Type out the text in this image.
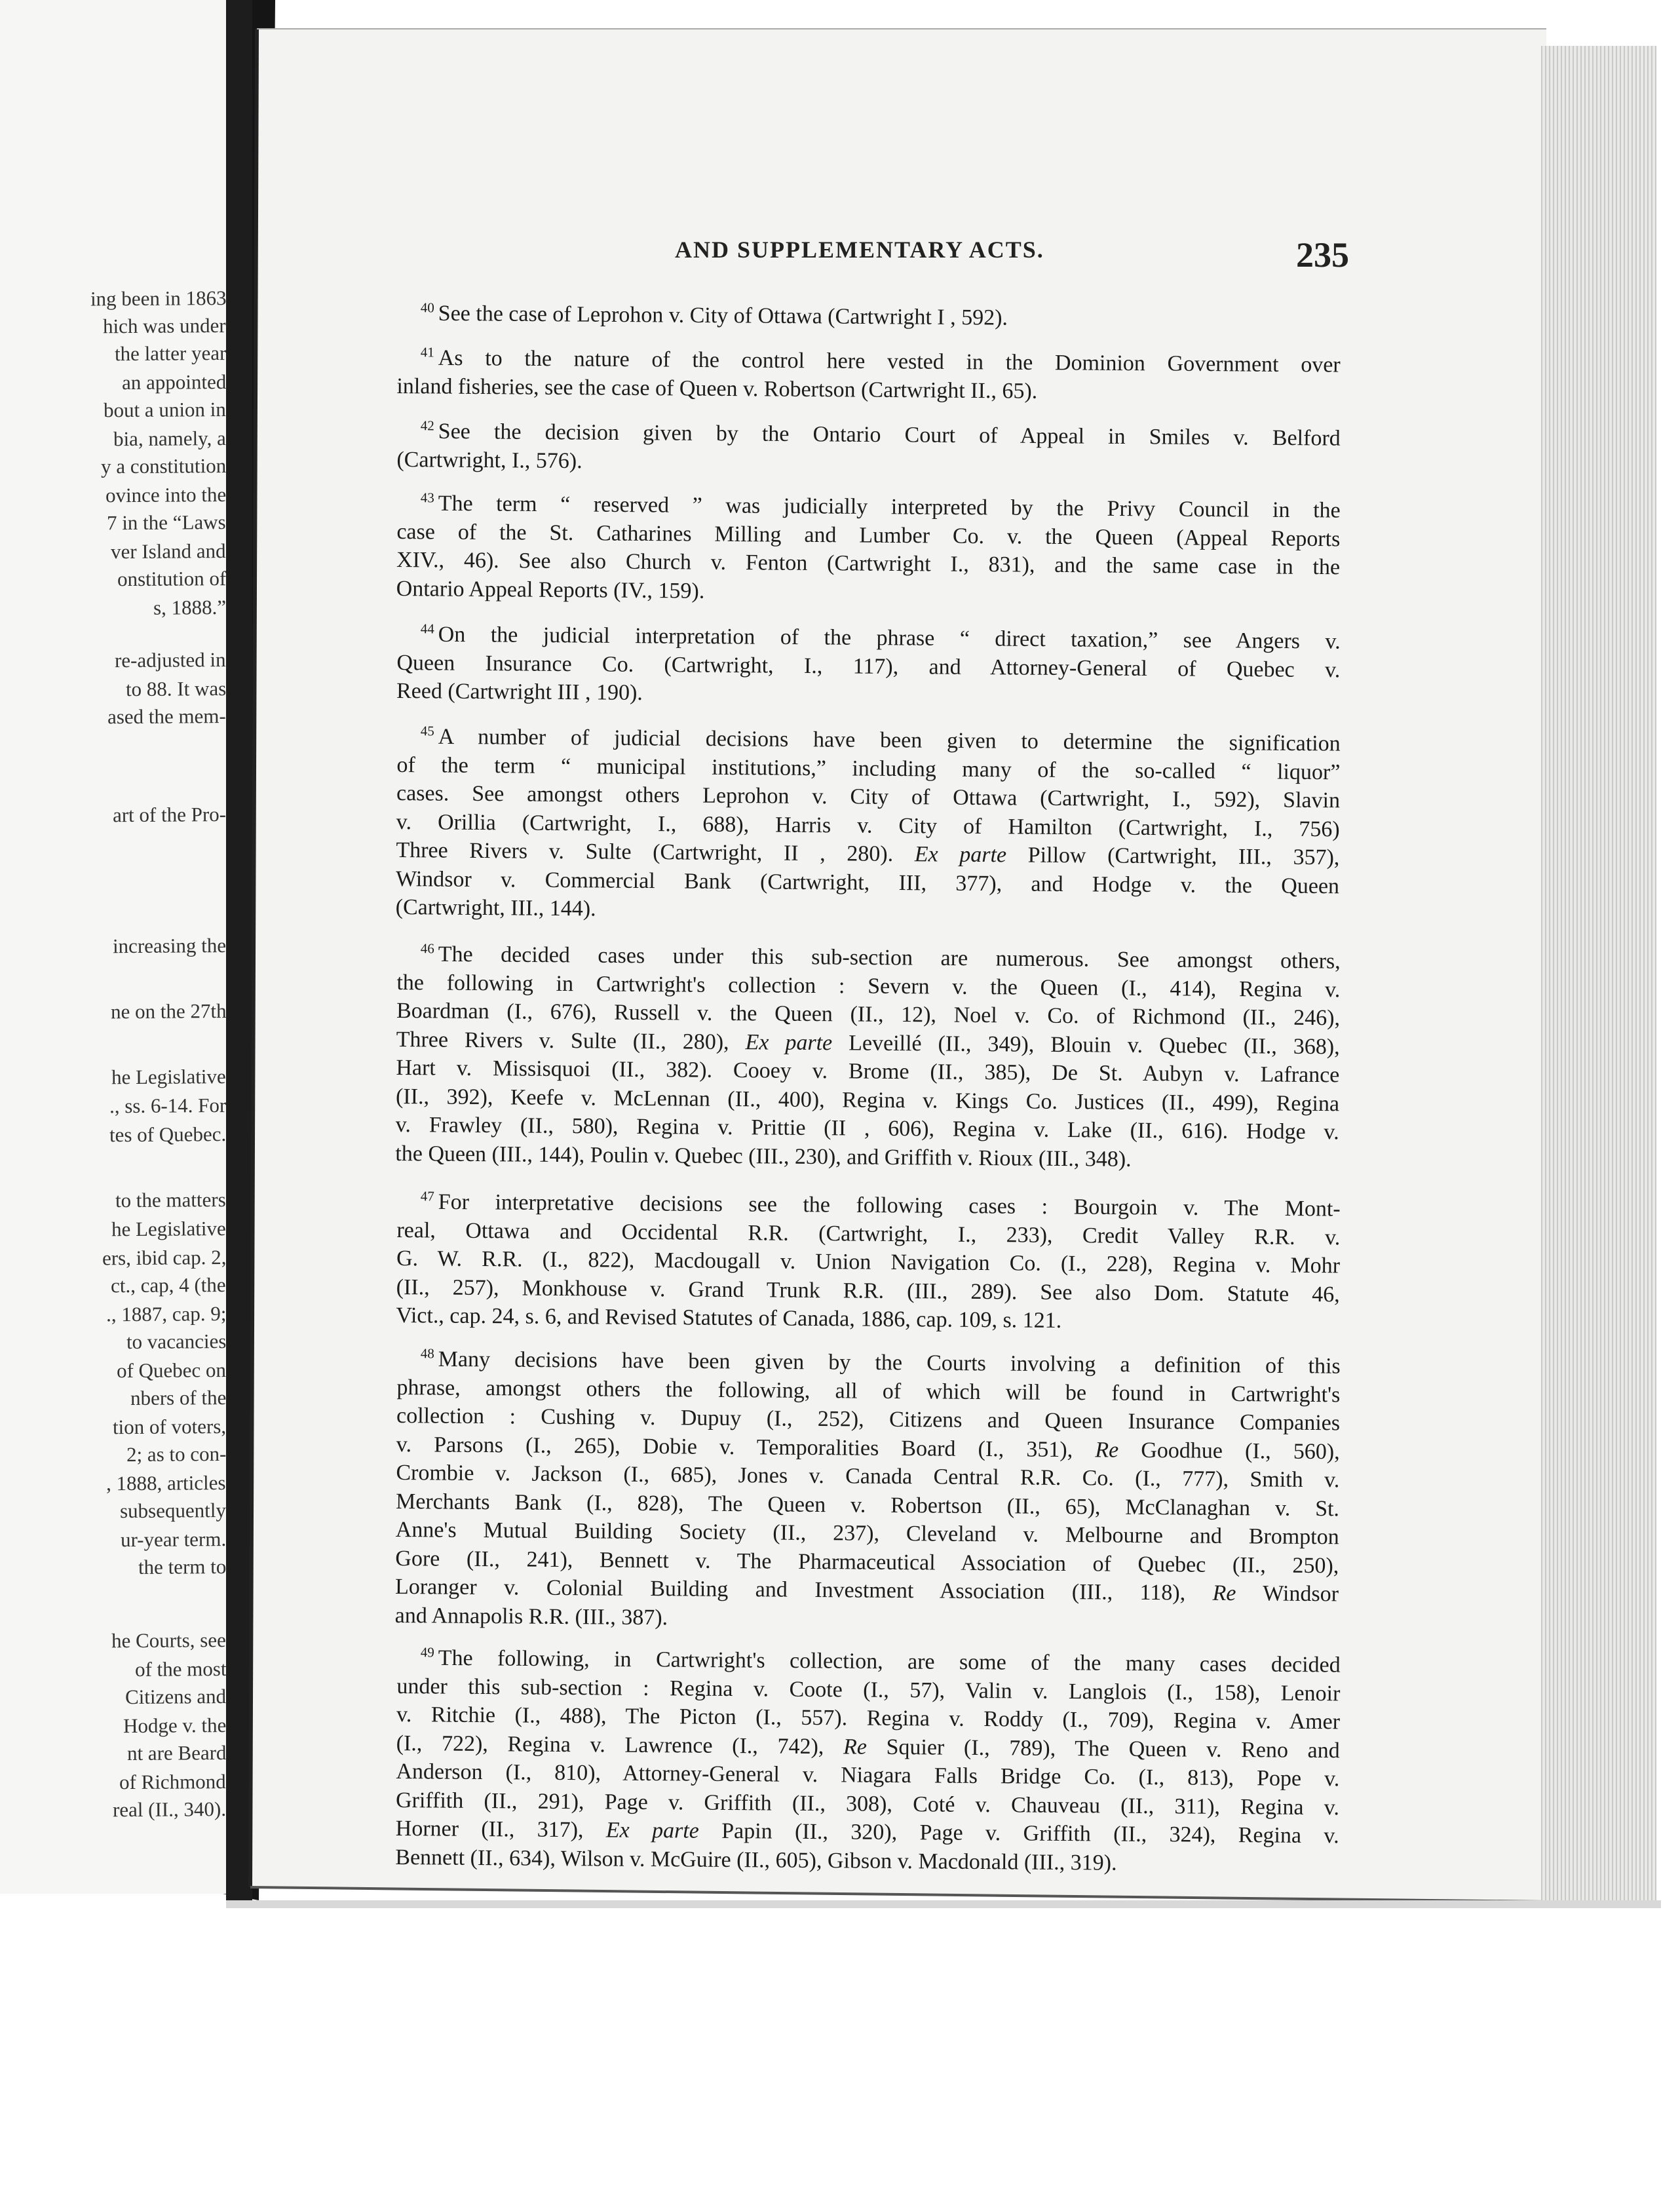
ing been in 1863
hich was under
the latter year
an appointed
bout a union in
bia, namely, a
y a constitution
ovince into the
7 in the “Laws
ver Island and
onstitution of
s, 1888.”
re-adjusted in
to 88. It was
ased the mem-
art of the Pro-
increasing the
ne on the 27th
he Legislative
., ss. 6-14. For
tes of Quebec.
to the matters
he Legislative
ers, ibid cap. 2,
ct., cap, 4 (the
., 1887, cap. 9;
to vacancies
of Quebec on
nbers of the
tion of voters,
2; as to con-
, 1888, articles
subsequently
ur-year term.
the term to
he Courts, see
of the most
Citizens and
Hodge v. the
nt are Beard
of Richmond
real (II., 340).
AND SUPPLEMENTARY ACTS.	235
$^{40}$ See the case of Leprohon v. City of Ottawa (Cartwright I , 592).
$^{41}$ As to the nature of the control here vested in the Dominion Government over
inland fisheries, see the case of Queen v. Robertson (Cartwright II., 65).
$^{42}$ See the decision given by the Ontario Court of Appeal in Smiles v. Belford
(Cartwright, I., 576).
$^{43}$ The term “ reserved ” was judicially interpreted by the Privy Council in the
case of the St. Catharines Milling and Lumber Co. v. the Queen (Appeal Reports
XIV., 46). See also Church v. Fenton (Cartwright I., 831), and the same case in the
Ontario Appeal Reports (IV., 159).
$^{44}$ On the judicial interpretation of the phrase “ direct taxation,” see Angers v.
Queen Insurance Co. (Cartwright, I., 117), and Attorney-General of Quebec v.
Reed (Cartwright III , 190).
$^{45}$ A number of judicial decisions have been given to determine the signification
of the term “ municipal institutions,” including many of the so-called “ liquor”
cases. See amongst others Leprohon v. City of Ottawa (Cartwright, I., 592), Slavin
v. Orillia (Cartwright, I., 688), Harris v. City of Hamilton (Cartwright, I., 756)
Three Rivers v. Sulte (Cartwright, II , 280). Ex parte Pillow (Cartwright, III., 357),
Windsor v. Commercial Bank (Cartwright, III, 377), and Hodge v. the Queen
(Cartwright, III., 144).
$^{46}$ The decided cases under this sub-section are numerous. See amongst others,
the following in Cartwright's collection : Severn v. the Queen (I., 414), Regina v.
Boardman (I., 676), Russell v. the Queen (II., 12), Noel v. Co. of Richmond (II., 246),
Three Rivers v. Sulte (II., 280), Ex parte Leveillé (II., 349), Blouin v. Quebec (II., 368),
Hart v. Missisquoi (II., 382). Cooey v. Brome (II., 385), De St. Aubyn v. Lafrance
(II., 392), Keefe v. McLennan (II., 400), Regina v. Kings Co. Justices (II., 499), Regina
v. Frawley (II., 580), Regina v. Prittie (II , 606), Regina v. Lake (II., 616). Hodge v.
the Queen (III., 144), Poulin v. Quebec (III., 230), and Griffith v. Rioux (III., 348).
$^{47}$ For interpretative decisions see the following cases : Bourgoin v. The Mont-
real, Ottawa and Occidental R.R. (Cartwright, I., 233), Credit Valley R.R. v.
G. W. R.R. (I., 822), Macdougall v. Union Navigation Co. (I., 228), Regina v. Mohr
(II., 257), Monkhouse v. Grand Trunk R.R. (III., 289). See also Dom. Statute 46,
Vict., cap. 24, s. 6, and Revised Statutes of Canada, 1886, cap. 109, s. 121.
$^{48}$ Many decisions have been given by the Courts involving a definition of this
phrase, amongst others the following, all of which will be found in Cartwright's
collection : Cushing v. Dupuy (I., 252), Citizens and Queen Insurance Companies
v. Parsons (I., 265), Dobie v. Temporalities Board (I., 351), Re Goodhue (I., 560),
Crombie v. Jackson (I., 685), Jones v. Canada Central R.R. Co. (I., 777), Smith v.
Merchants Bank (I., 828), The Queen v. Robertson (II., 65), McClanaghan v. St.
Anne's Mutual Building Society (II., 237), Cleveland v. Melbourne and Brompton
Gore (II., 241), Bennett v. The Pharmaceutical Association of Quebec (II., 250),
Loranger v. Colonial Building and Investment Association (III., 118), Re Windsor
and Annapolis R.R. (III., 387).
$^{49}$ The following, in Cartwright's collection, are some of the many cases decided
under this sub-section : Regina v. Coote (I., 57), Valin v. Langlois (I., 158), Lenoir
v. Ritchie (I., 488), The Picton (I., 557). Regina v. Roddy (I., 709), Regina v. Amer
(I., 722), Regina v. Lawrence (I., 742), Re Squier (I., 789), The Queen v. Reno and
Anderson (I., 810), Attorney-General v. Niagara Falls Bridge Co. (I., 813), Pope v.
Griffith (II., 291), Page v. Griffith (II., 308), Coté v. Chauveau (II., 311), Regina v.
Horner (II., 317), Ex parte Papin (II., 320), Page v. Griffith (II., 324), Regina v.
Bennett (II., 634), Wilson v. McGuire (II., 605), Gibson v. Macdonald (III., 319).
